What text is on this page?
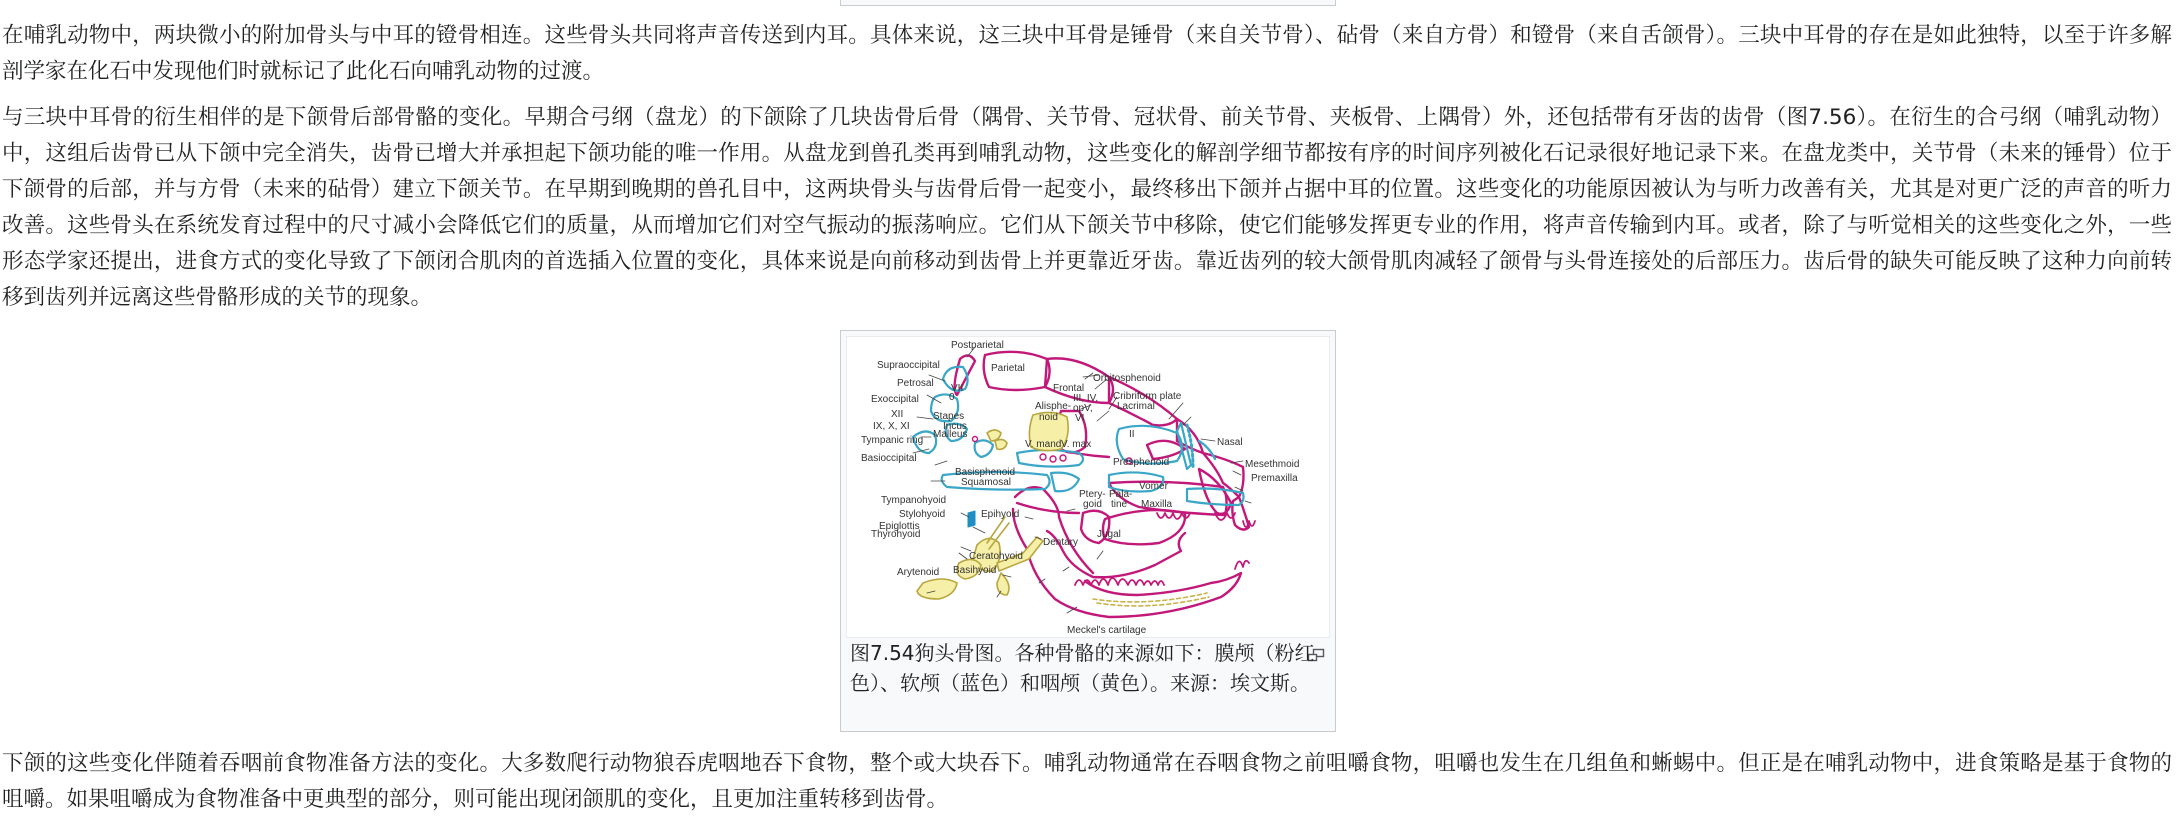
在哺乳动物中，两块微小的附加骨头与中耳的镫骨相连。这些骨头共同将声音传送到内耳。具体来说，这三块中耳骨是锤骨（来自关节骨）、砧骨（来自方骨）和镫骨（来自舌颌骨）。三块中耳骨的存在是如此独特，以至于许多解剖学家在化石中发现他们时就标记了此化石向哺乳动物的过渡。

与三块中耳骨的衍生相伴的是下颌骨后部骨骼的变化。早期合弓纲（盘龙）的下颌除了几块齿骨后骨（隅骨、关节骨、冠状骨、前关节骨、夹板骨、上隅骨）外，还包括带有牙齿的齿骨（图7.56）。在衍生的合弓纲（哺乳动物）中，这组后齿骨已从下颌中完全消失，齿骨已增大并承担起下颌功能的唯一作用。从盘龙到兽孔类再到哺乳动物，这些变化的解剖学细节都按有序的时间序列被化石记录很好地记录下来。在盘龙类中，关节骨（未来的锤骨）位于下颌骨的后部，并与方骨（未来的砧骨）建立下颌关节。在早期到晚期的兽孔目中，这两块骨头与齿骨后骨一起变小，最终移出下颌并占据中耳的位置。这些变化的功能原因被认为与听力改善有关，尤其是对更广泛的声音的听力改善。这些骨头在系统发育过程中的尺寸减小会降低它们的质量，从而增加它们对空气振动的振荡响应。它们从下颌关节中移除，使它们能够发挥更专业的作用，将声音传输到内耳。或者，除了与听觉相关的这些变化之外，一些形态学家还提出，进食方式的变化导致了下颌闭合肌肉的首选插入位置的变化，具体来说是向前移动到齿骨上并更靠近牙齿。靠近齿列的较大颌骨肌肉减轻了颌骨与头骨连接处的后部压力。齿后骨的缺失可能反映了这种力向前转移到齿列并远离这些骨骼形成的关节的现象。

Postparietal
Supraoccipital	Parietal
Orbitosphenoid
Petrosal VII
0
Frontal
Cribriform plate
Exoccipital
Alisphe-
noid
III, IV,
opV,
VI
Lacrimal
XII	Stapes
Incus
IX, X, XI
Malleus	II
Nasal
Tympanic ring	V. mand V. max
Mesethmoid
Basioccipital	Presphenoid
Premaxilla
Basisphenoid
Squamosal	Vomer
Tympanohyoid
Ptery-
goid
Pala-
tine Maxilla
Stylohyoid	Epihyoid
Epiglottis
Thyrohyoid	Jugal
Dentary
Ceratohyoid
Arytenoid Basihyoid
Meckel's cartilage

图7.54狗头骨图。各种骨骼的来源如下：膜颅（粉红色）、软颅（蓝色）和咽颅（黄色）。来源：埃文斯。

下颌的这些变化伴随着吞咽前食物准备方法的变化。大多数爬行动物狼吞虎咽地吞下食物，整个或大块吞下。哺乳动物通常在吞咽食物之前咀嚼食物，咀嚼也发生在几组鱼和蜥蜴中。但正是在哺乳动物中，进食策略是基于食物的咀嚼。如果咀嚼成为食物准备中更典型的部分，则可能出现闭颌肌的变化，且更加注重转移到齿骨。
